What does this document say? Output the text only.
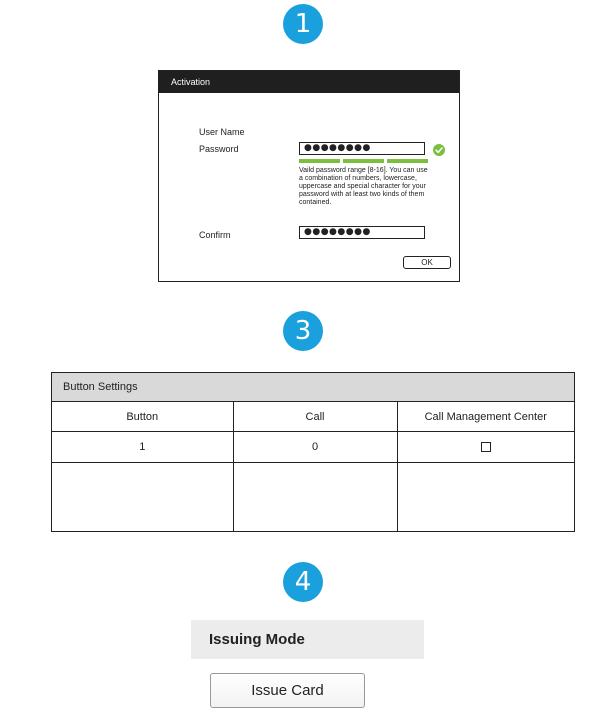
1
Activation
User Name
Password	●●●●●●●●
Vaild password range [8-16]. You can use a combination of numbers, lowercase, uppercase and special character for your password with at least two kinds of them contained.
Confirm	●●●●●●●●
OK
3
Button Settings
Button	Call	Call Management Center
1	0	

4
Issuing Mode
Issue Card
